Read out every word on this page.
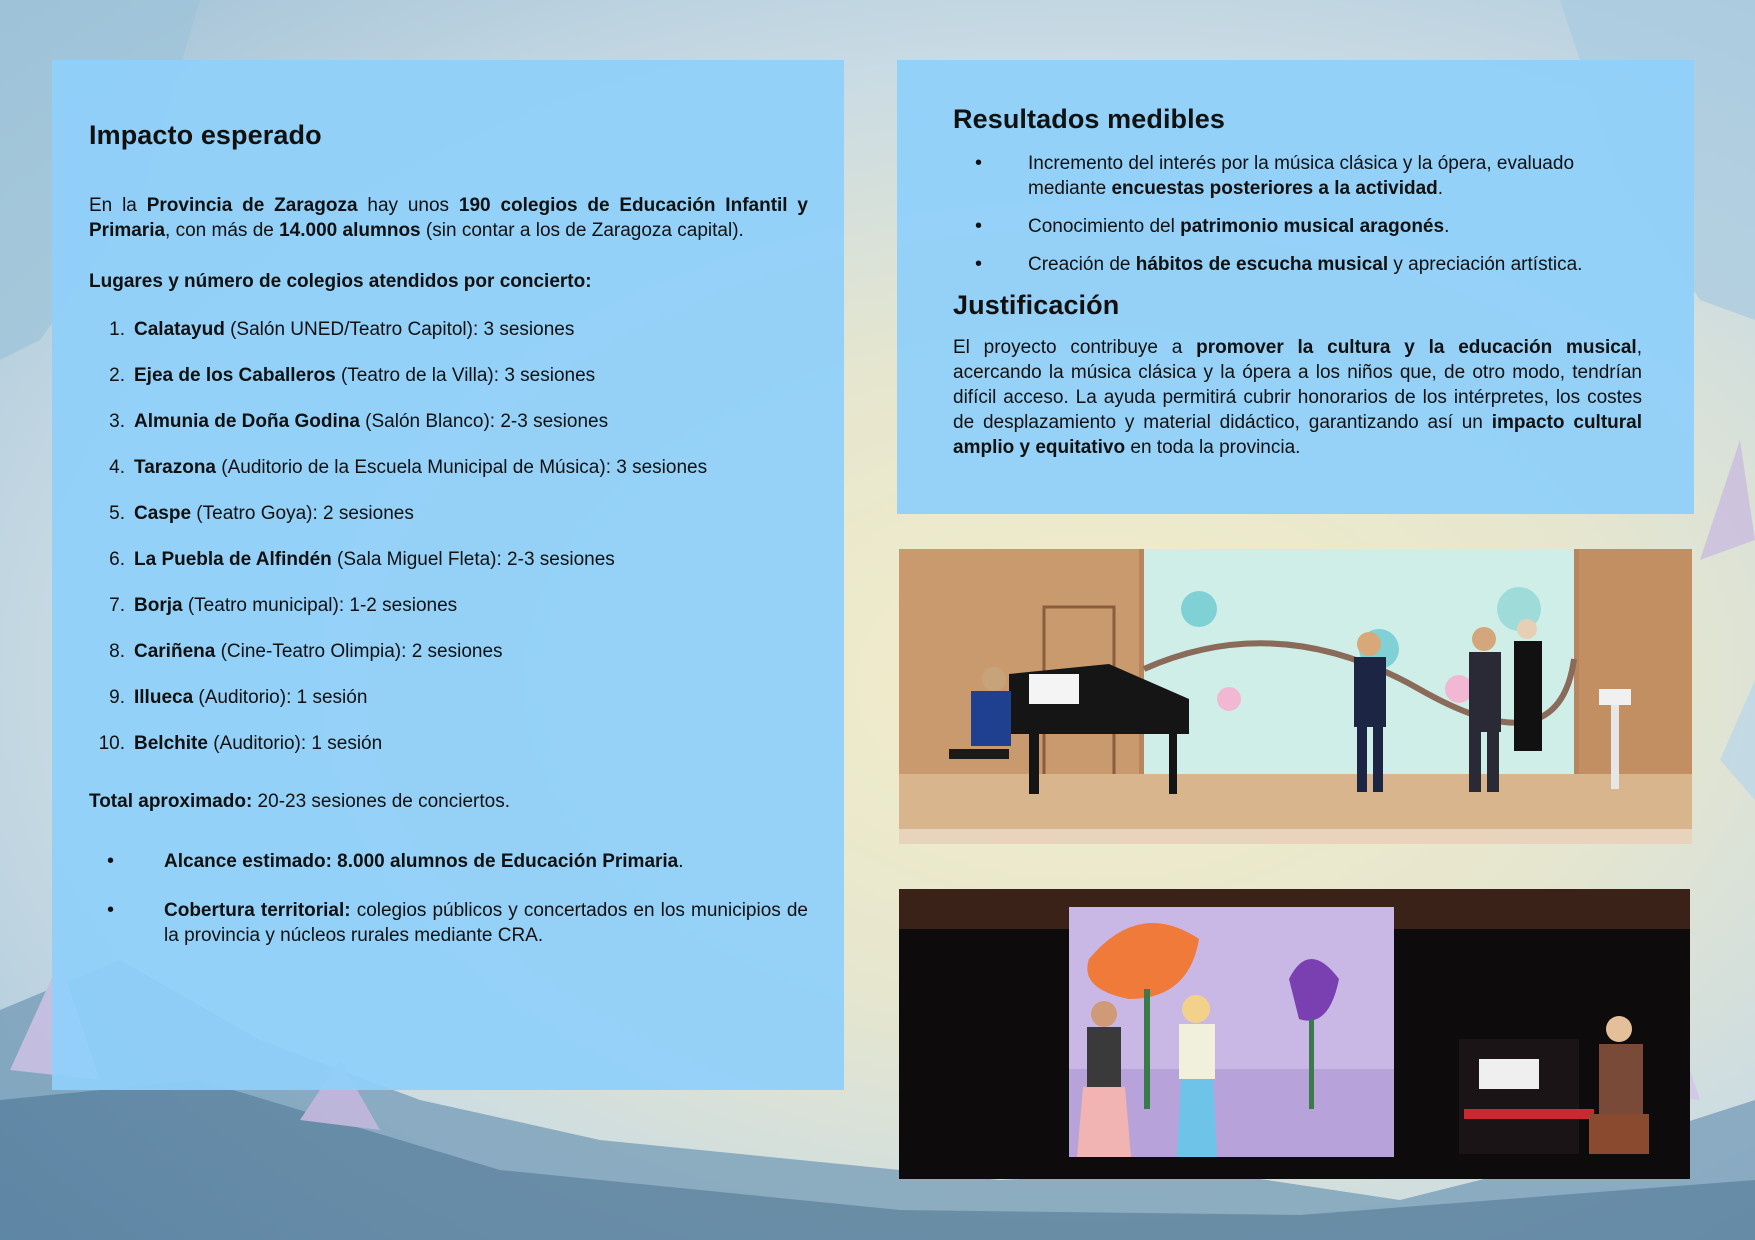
Impacto esperado

En la Provincia de Zaragoza hay unos 190 colegios de Educación Infantil y Primaria, con más de 14.000 alumnos (sin contar a los de Zaragoza capital).

Lugares y número de colegios atendidos por concierto:

1. Calatayud (Salón UNED/Teatro Capitol): 3 sesiones
2. Ejea de los Caballeros (Teatro de la Villa): 3 sesiones
3. Almunia de Doña Godina (Salón Blanco): 2-3 sesiones
4. Tarazona (Auditorio de la Escuela Municipal de Música): 3 sesiones
5. Caspe (Teatro Goya): 2 sesiones
6. La Puebla de Alfindén (Sala Miguel Fleta): 2-3 sesiones
7. Borja (Teatro municipal): 1-2 sesiones
8. Cariñena (Cine-Teatro Olimpia): 2 sesiones
9. Illueca (Auditorio): 1 sesión
10. Belchite (Auditorio): 1 sesión

Total aproximado: 20-23 sesiones de conciertos.

•	Alcance estimado: 8.000 alumnos de Educación Primaria.
•	Cobertura territorial: colegios públicos y concertados en los municipios de la provincia y núcleos rurales mediante CRA.
Resultados medibles
•	Incremento del interés por la música clásica y la ópera, evaluado mediante encuestas posteriores a la actividad.
•	Conocimiento del patrimonio musical aragonés.
•	Creación de hábitos de escucha musical y apreciación artística.
Justificación

El proyecto contribuye a promover la cultura y la educación musical, acercando la música clásica y la ópera a los niños que, de otro modo, tendrían difícil acceso. La ayuda permitirá cubrir honorarios de los intérpretes, los costes de desplazamiento y material didáctico, garantizando así un impacto cultural amplio y equitativo en toda la provincia.
